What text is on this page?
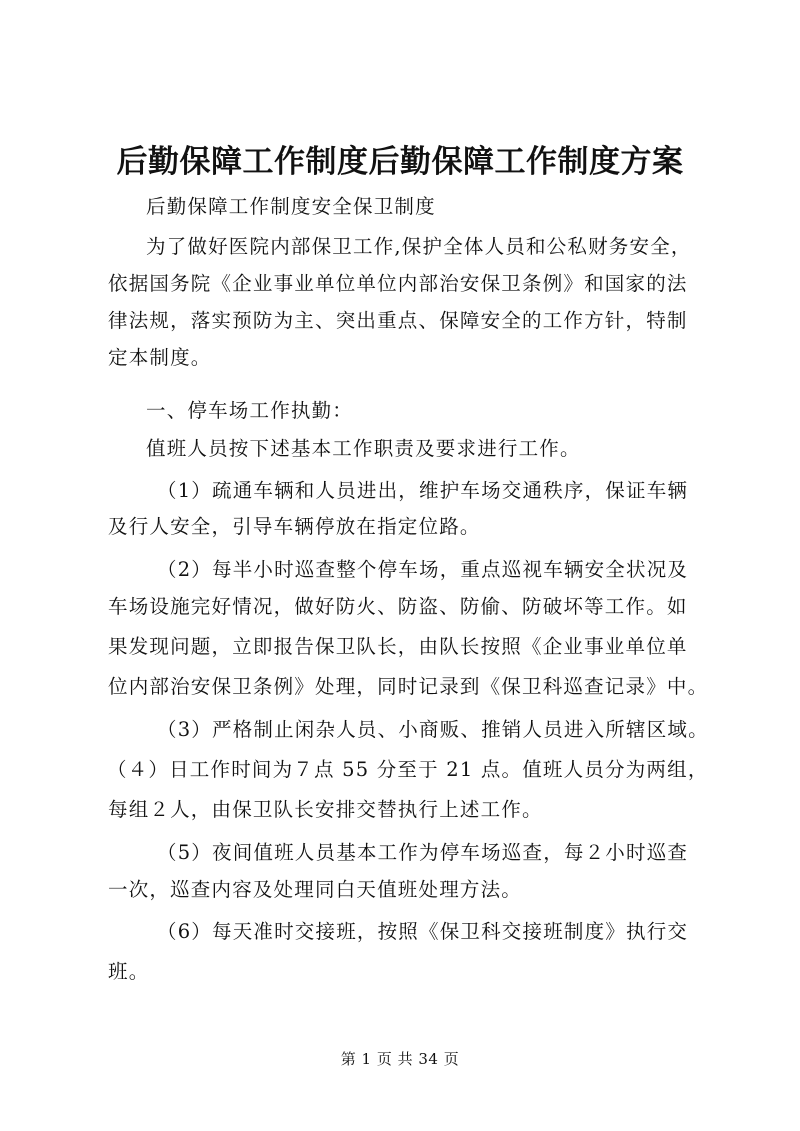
后勤保障工作制度后勤保障工作制度方案
后勤保障工作制度安全保卫制度
为了做好医院内部保卫工作,保护全体人员和公私财务安全，
依据国务院《企业事业单位单位内部治安保卫条例》和国家的法
律法规，落实预防为主、突出重点、保障安全的工作方针，特制
定本制度。
一、停车场工作执勤：
值班人员按下述基本工作职责及要求进行工作。
（1）疏通车辆和人员进出，维护车场交通秩序，保证车辆
及行人安全，引导车辆停放在指定位路。
（2）每半小时巡查整个停车场，重点巡视车辆安全状况及
车场设施完好情况，做好防火、防盗、防偷、防破坏等工作。如
果发现问题，立即报告保卫队长，由队长按照《企业事业单位单
位内部治安保卫条例》处理，同时记录到《保卫科巡查记录》中。
（3）严格制止闲杂人员、小商贩、推销人员进入所辖区域。
（４）日工作时间为７点 55 分至于 21 点。值班人员分为两组，
每组２人，由保卫队长安排交替执行上述工作。
（5）夜间值班人员基本工作为停车场巡查，每２小时巡查
一次，巡查内容及处理同白天值班处理方法。
（6）每天准时交接班，按照《保卫科交接班制度》执行交
班。
第 1 页 共 34 页
